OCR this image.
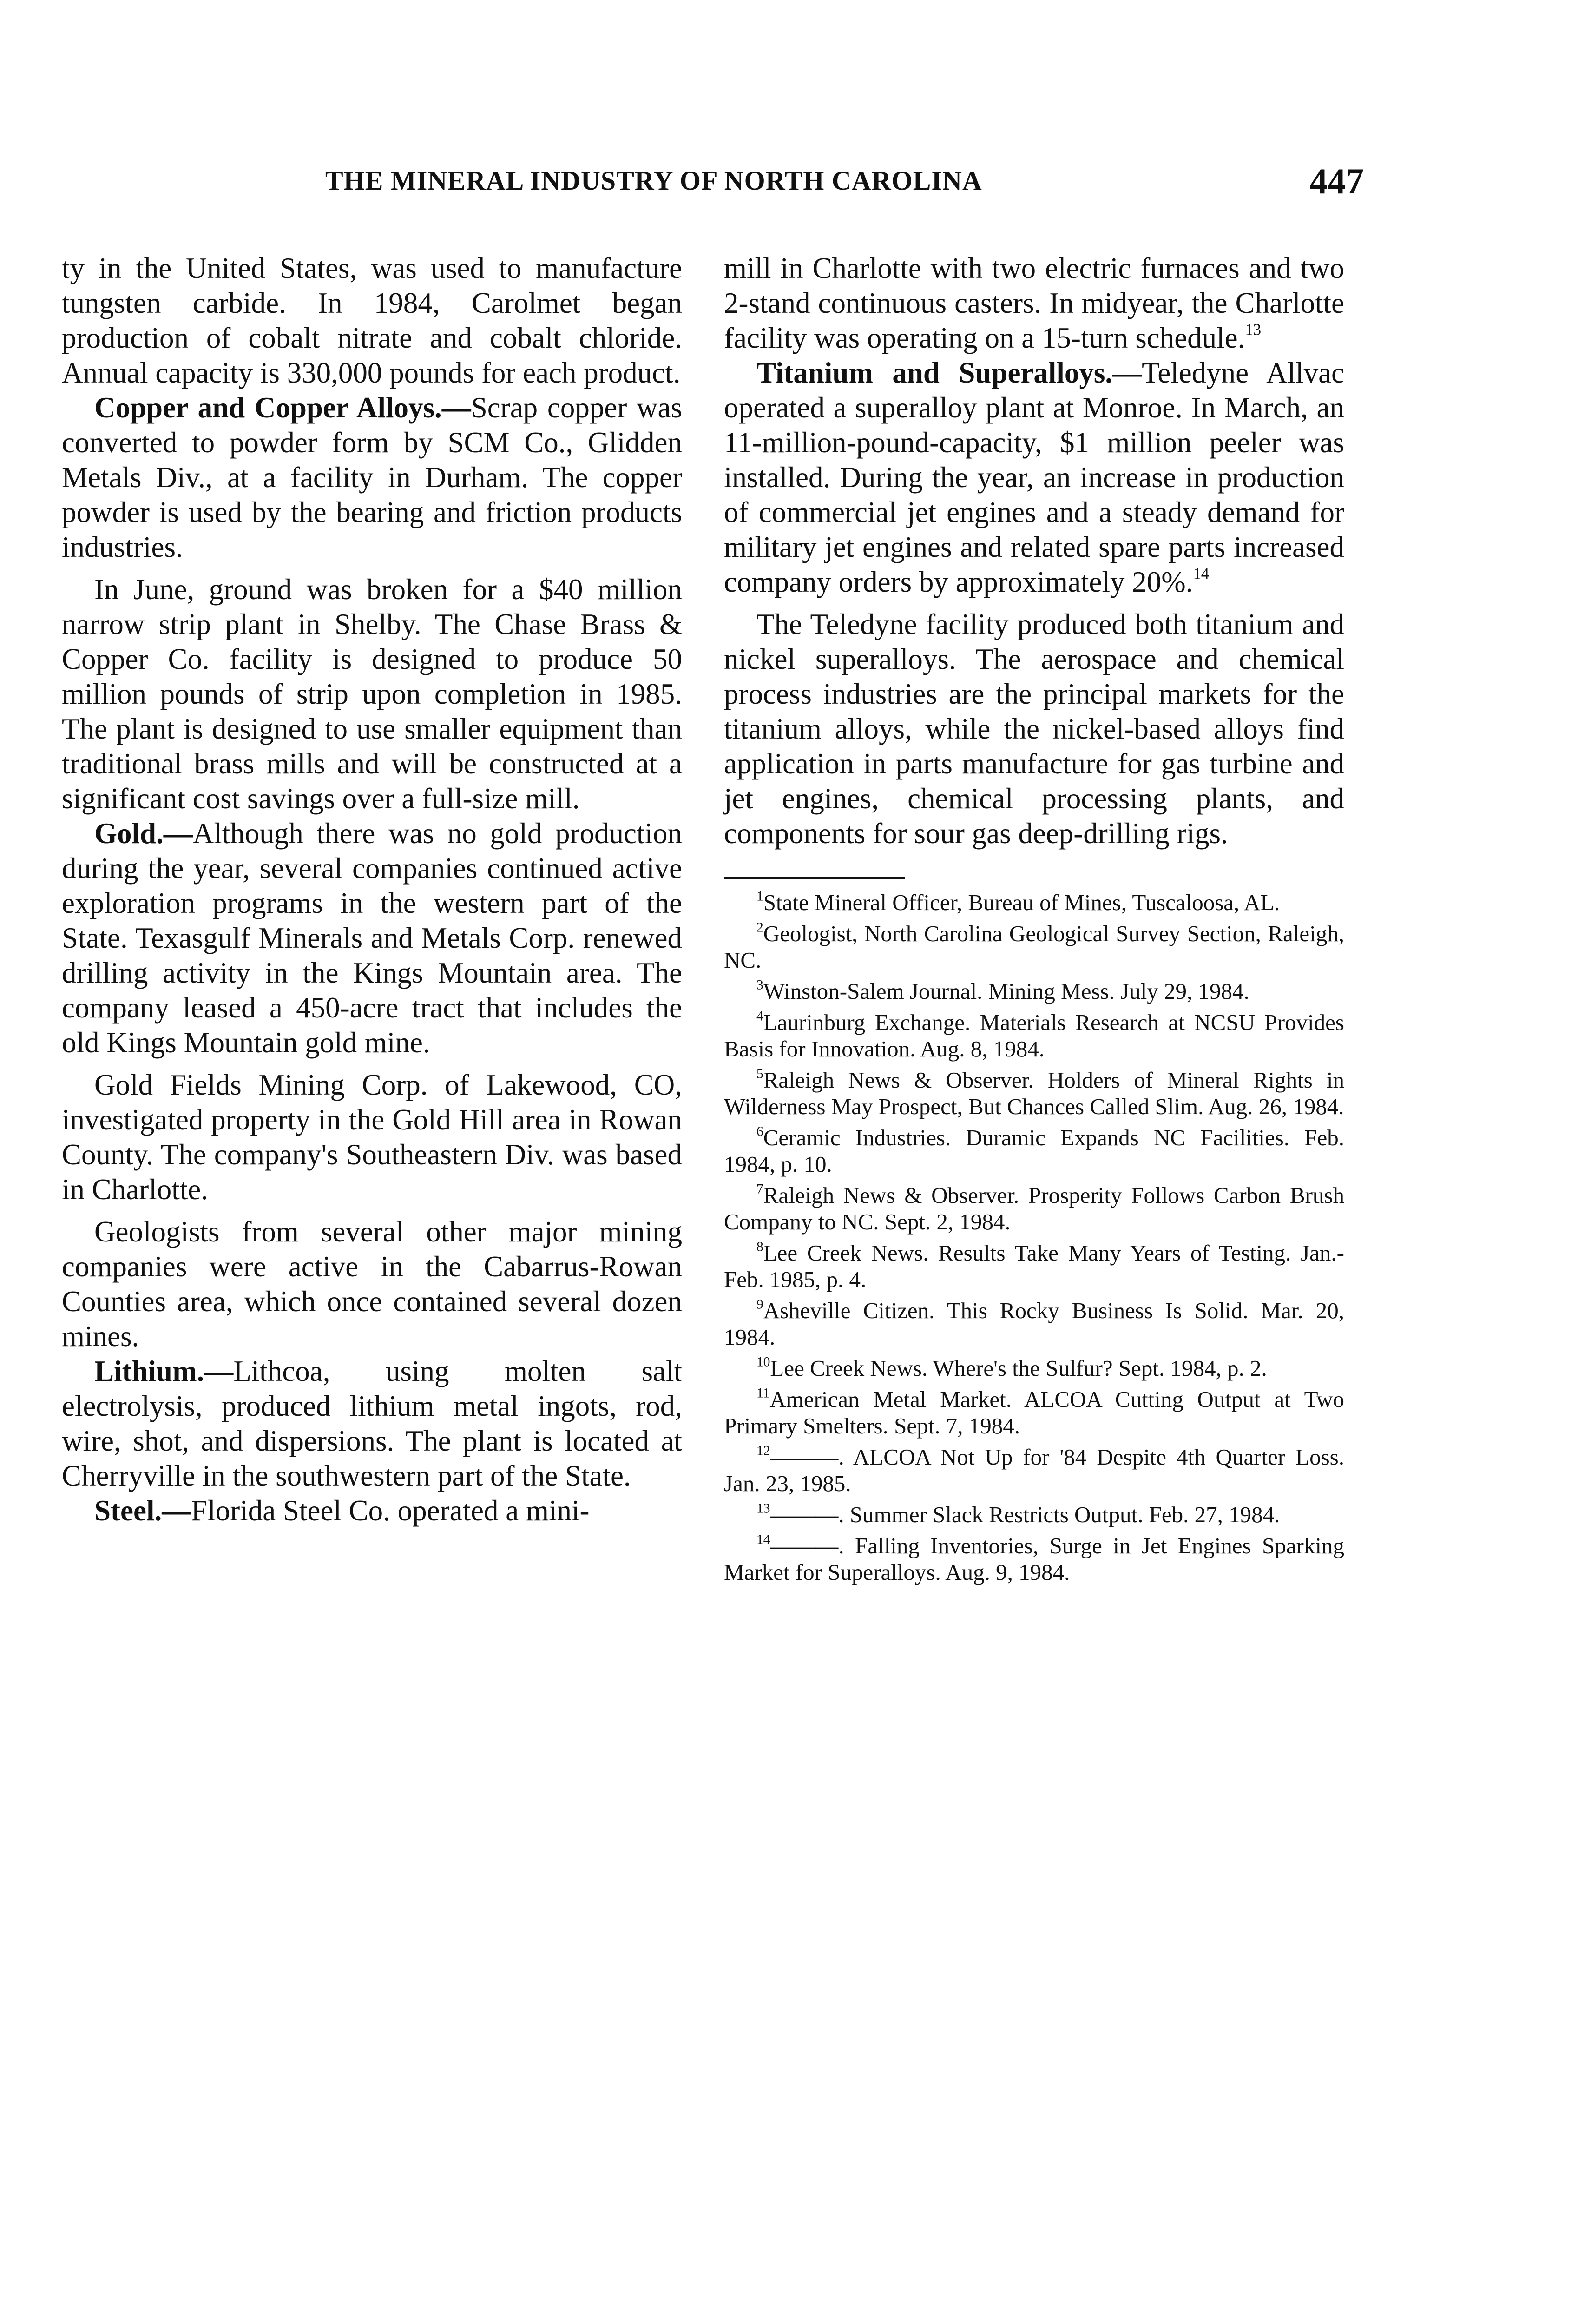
THE MINERAL INDUSTRY OF NORTH CAROLINA	447

ty in the United States, was used to manufacture tungsten carbide. In 1984, Carolmet began production of cobalt nitrate and cobalt chloride. Annual capacity is 330,000 pounds for each product.

Copper and Copper Alloys.—Scrap copper was converted to powder form by SCM Co., Glidden Metals Div., at a facility in Durham. The copper powder is used by the bearing and friction products industries.

In June, ground was broken for a $40 million narrow strip plant in Shelby. The Chase Brass & Copper Co. facility is designed to produce 50 million pounds of strip upon completion in 1985. The plant is designed to use smaller equipment than traditional brass mills and will be constructed at a significant cost savings over a full-size mill.

Gold.—Although there was no gold production during the year, several companies continued active exploration programs in the western part of the State. Texasgulf Minerals and Metals Corp. renewed drilling activity in the Kings Mountain area. The company leased a 450-acre tract that includes the old Kings Mountain gold mine.

Gold Fields Mining Corp. of Lakewood, CO, investigated property in the Gold Hill area in Rowan County. The company's Southeastern Div. was based in Charlotte.

Geologists from several other major mining companies were active in the Cabarrus-Rowan Counties area, which once contained several dozen mines.

Lithium.—Lithcoa, using molten salt electrolysis, produced lithium metal ingots, rod, wire, shot, and dispersions. The plant is located at Cherryville in the southwestern part of the State.

Steel.—Florida Steel Co. operated a mini-

mill in Charlotte with two electric furnaces and two 2-stand continuous casters. In midyear, the Charlotte facility was operating on a 15-turn schedule.$^{13}$

Titanium and Superalloys.—Teledyne Allvac operated a superalloy plant at Monroe. In March, an 11-million-pound-capacity, $1 million peeler was installed. During the year, an increase in production of commercial jet engines and a steady demand for military jet engines and related spare parts increased company orders by approximately 20%.$^{14}$

The Teledyne facility produced both titanium and nickel superalloys. The aerospace and chemical process industries are the principal markets for the titanium alloys, while the nickel-based alloys find application in parts manufacture for gas turbine and jet engines, chemical processing plants, and components for sour gas deep-drilling rigs.

$^1$State Mineral Officer, Bureau of Mines, Tuscaloosa, AL.

$^2$Geologist, North Carolina Geological Survey Section, Raleigh, NC.

$^3$Winston-Salem Journal. Mining Mess. July 29, 1984.

$^4$Laurinburg Exchange. Materials Research at NCSU Provides Basis for Innovation. Aug. 8, 1984.

$^5$Raleigh News & Observer. Holders of Mineral Rights in Wilderness May Prospect, But Chances Called Slim. Aug. 26, 1984.

$^6$Ceramic Industries. Duramic Expands NC Facilities. Feb. 1984, p. 10.

$^7$Raleigh News & Observer. Prosperity Follows Carbon Brush Company to NC. Sept. 2, 1984.

$^8$Lee Creek News. Results Take Many Years of Testing. Jan.-Feb. 1985, p. 4.

$^9$Asheville Citizen. This Rocky Business Is Solid. Mar. 20, 1984.

$^{10}$Lee Creek News. Where's the Sulfur? Sept. 1984, p. 2.

$^{11}$American Metal Market. ALCOA Cutting Output at Two Primary Smelters. Sept. 7, 1984.

$^{12}$———. ALCOA Not Up for '84 Despite 4th Quarter Loss. Jan. 23, 1985.

$^{13}$———. Summer Slack Restricts Output. Feb. 27, 1984.

$^{14}$———. Falling Inventories, Surge in Jet Engines Sparking Market for Superalloys. Aug. 9, 1984.
